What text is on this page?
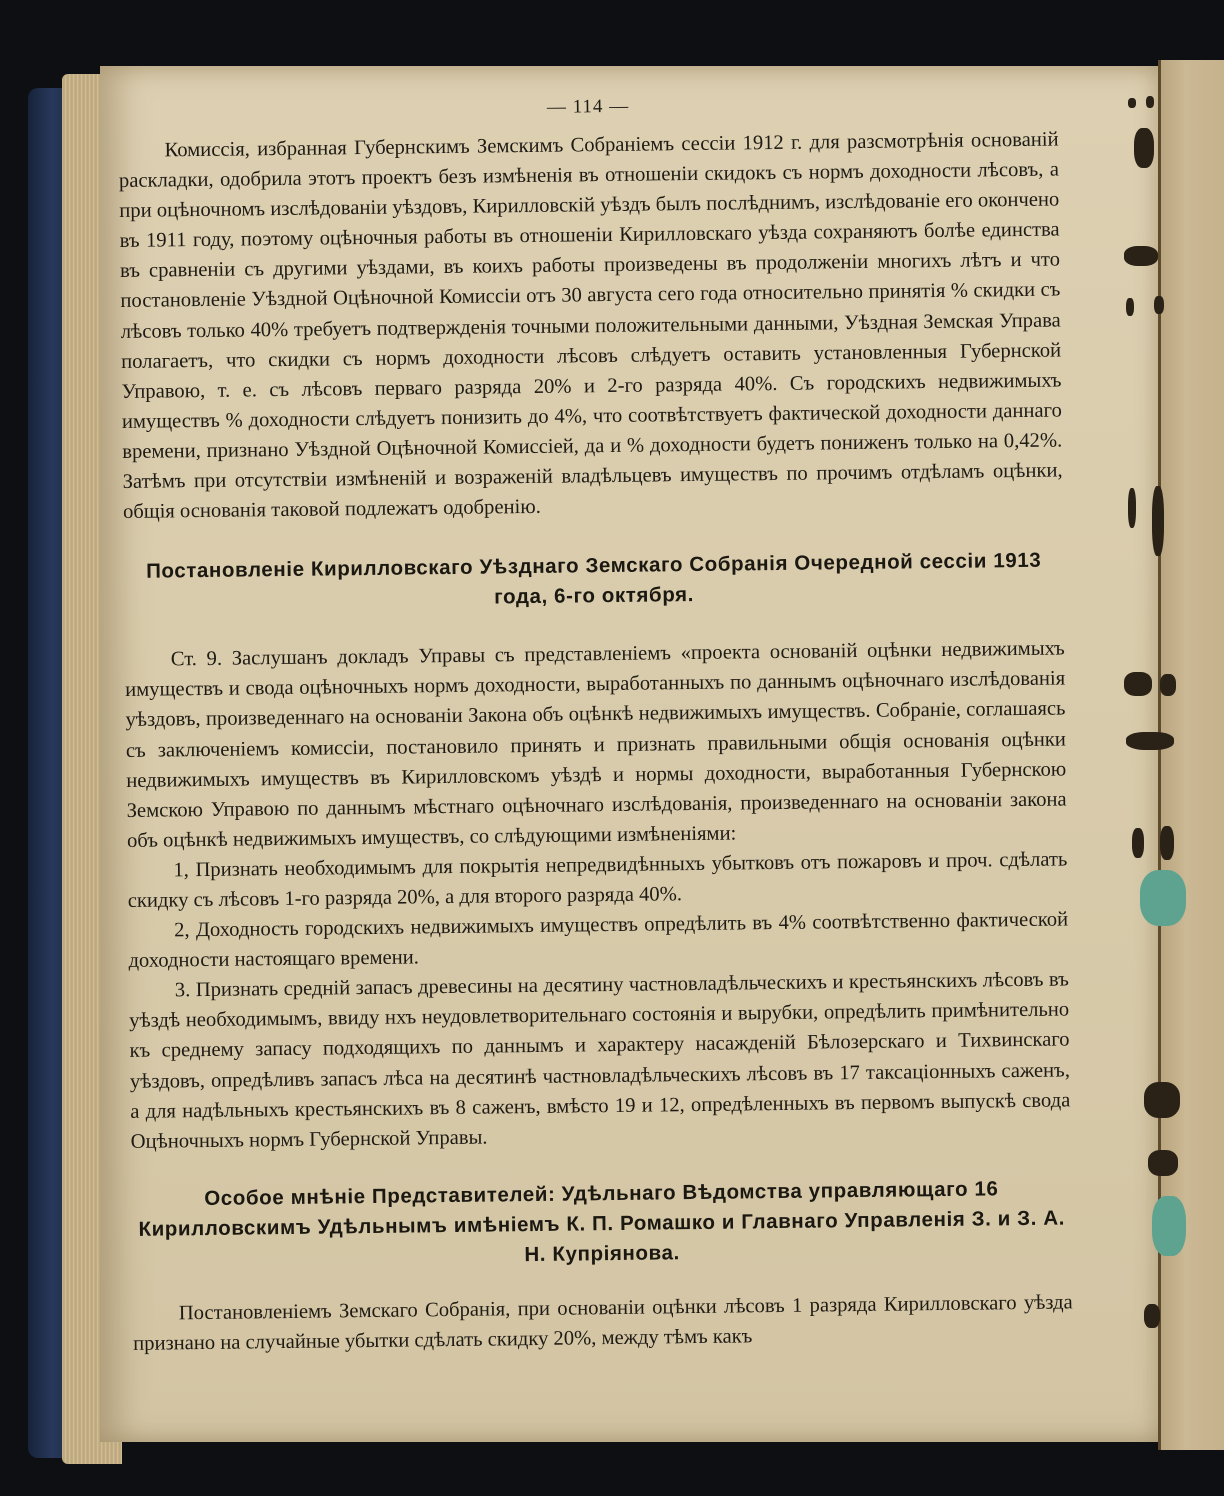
— 114 —

Комиссія, избранная Губернскимъ Земскимъ Собраніемъ сессіи 1912 г. для разсмотрѣнія основаній раскладки, одобрила этотъ проектъ безъ измѣненія въ отношеніи скидокъ съ нормъ доходности лѣсовъ, а при оцѣночномъ изслѣдованіи уѣздовъ, Кирилловскій уѣздъ былъ послѣднимъ, изслѣдованіе его окончено въ 1911 году, поэтому оцѣночныя работы въ отношеніи Кирилловскаго уѣзда сохраняютъ болѣе единства въ сравненіи съ другими уѣздами, въ коихъ работы произведены въ продолженіи многихъ лѣтъ и что постановленіе Уѣздной Оцѣночной Комиссіи отъ 30 августа сего года относительно принятія % скидки съ лѣсовъ только 40% требуетъ подтвержденія точными положительными данными, Уѣздная Земская Управа полагаетъ, что скидки съ нормъ доходности лѣсовъ слѣдуетъ оставить установленныя Губернской Управою, т. е. съ лѣсовъ перваго разряда 20% и 2-го разряда 40%. Съ городскихъ недвижимыхъ имуществъ % доходности слѣдуетъ понизить до 4%, что соотвѣтствуетъ фактической доходности даннаго времени, признано Уѣздной Оцѣночной Комиссіей, да и % доходности будетъ пониженъ только на 0,42%. Затѣмъ при отсутствіи измѣненій и возраженій владѣльцевъ имуществъ по прочимъ отдѣламъ оцѣнки, общія основанія таковой подлежатъ одобренію.

Постановленіе Кирилловскаго Уѣзднаго Земскаго Собранія Очередной сессіи 1913 года, 6-го октября.

Ст. 9. Заслушанъ докладъ Управы съ представленіемъ «проекта основаній оцѣнки недвижимыхъ имуществъ и свода оцѣночныхъ нормъ доходности, выработанныхъ по даннымъ оцѣночнаго изслѣдованія уѣздовъ, произведеннаго на основаніи Закона объ оцѣнкѣ недвижимыхъ имуществъ. Собраніе, соглашаясь съ заключеніемъ комиссіи, постановило принять и признать правильными общія основанія оцѣнки недвижимыхъ имуществъ въ Кирилловскомъ уѣздѣ и нормы доходности, выработанныя Губернскою Земскою Управою по даннымъ мѣстнаго оцѣночнаго изслѣдованія, произведеннаго на основаніи закона объ оцѣнкѣ недвижимыхъ имуществъ, со слѣдующими измѣненіями:

1, Признать необходимымъ для покрытія непредвидѣнныхъ убытковъ отъ пожаровъ и проч. сдѣлать скидку съ лѣсовъ 1-го разряда 20%, а для второго разряда 40%.
2, Доходность городскихъ недвижимыхъ имуществъ опредѣлить въ 4% соотвѣтственно фактической доходности настоящаго времени.
3. Признать средній запасъ древесины на десятину частновладѣльческихъ и крестьянскихъ лѣсовъ въ уѣздѣ необходимымъ, ввиду нхъ неудовлетворительнаго состоянія и вырубки, опредѣлить примѣнительно къ среднему запасу подходящихъ по даннымъ и характеру насажденій Бѣлозерскаго и Тихвинскаго уѣздовъ, опредѣливъ запасъ лѣса на десятинѣ частновладѣльческихъ лѣсовъ въ 17 таксаціонныхъ саженъ, а для надѣльныхъ крестьянскихъ въ 8 саженъ, вмѣсто 19 и 12, опредѣленныхъ въ первомъ выпускѣ свода Оцѣночныхъ нормъ Губернской Управы.
Особое мнѣніе Представителей: Удѣльнаго Вѣдомства управляющаго 16 Кирилловскимъ Удѣльнымъ имѣніемъ К. П. Ромашко и Главнаго Управленія З. и З. А. Н. Купріянова.

Постановленіемъ Земскаго Собранія, при основаніи оцѣнки лѣсовъ 1 разряда Кирилловскаго уѣзда признано на случайные убытки сдѣлать скидку 20%, между тѣмъ какъ
